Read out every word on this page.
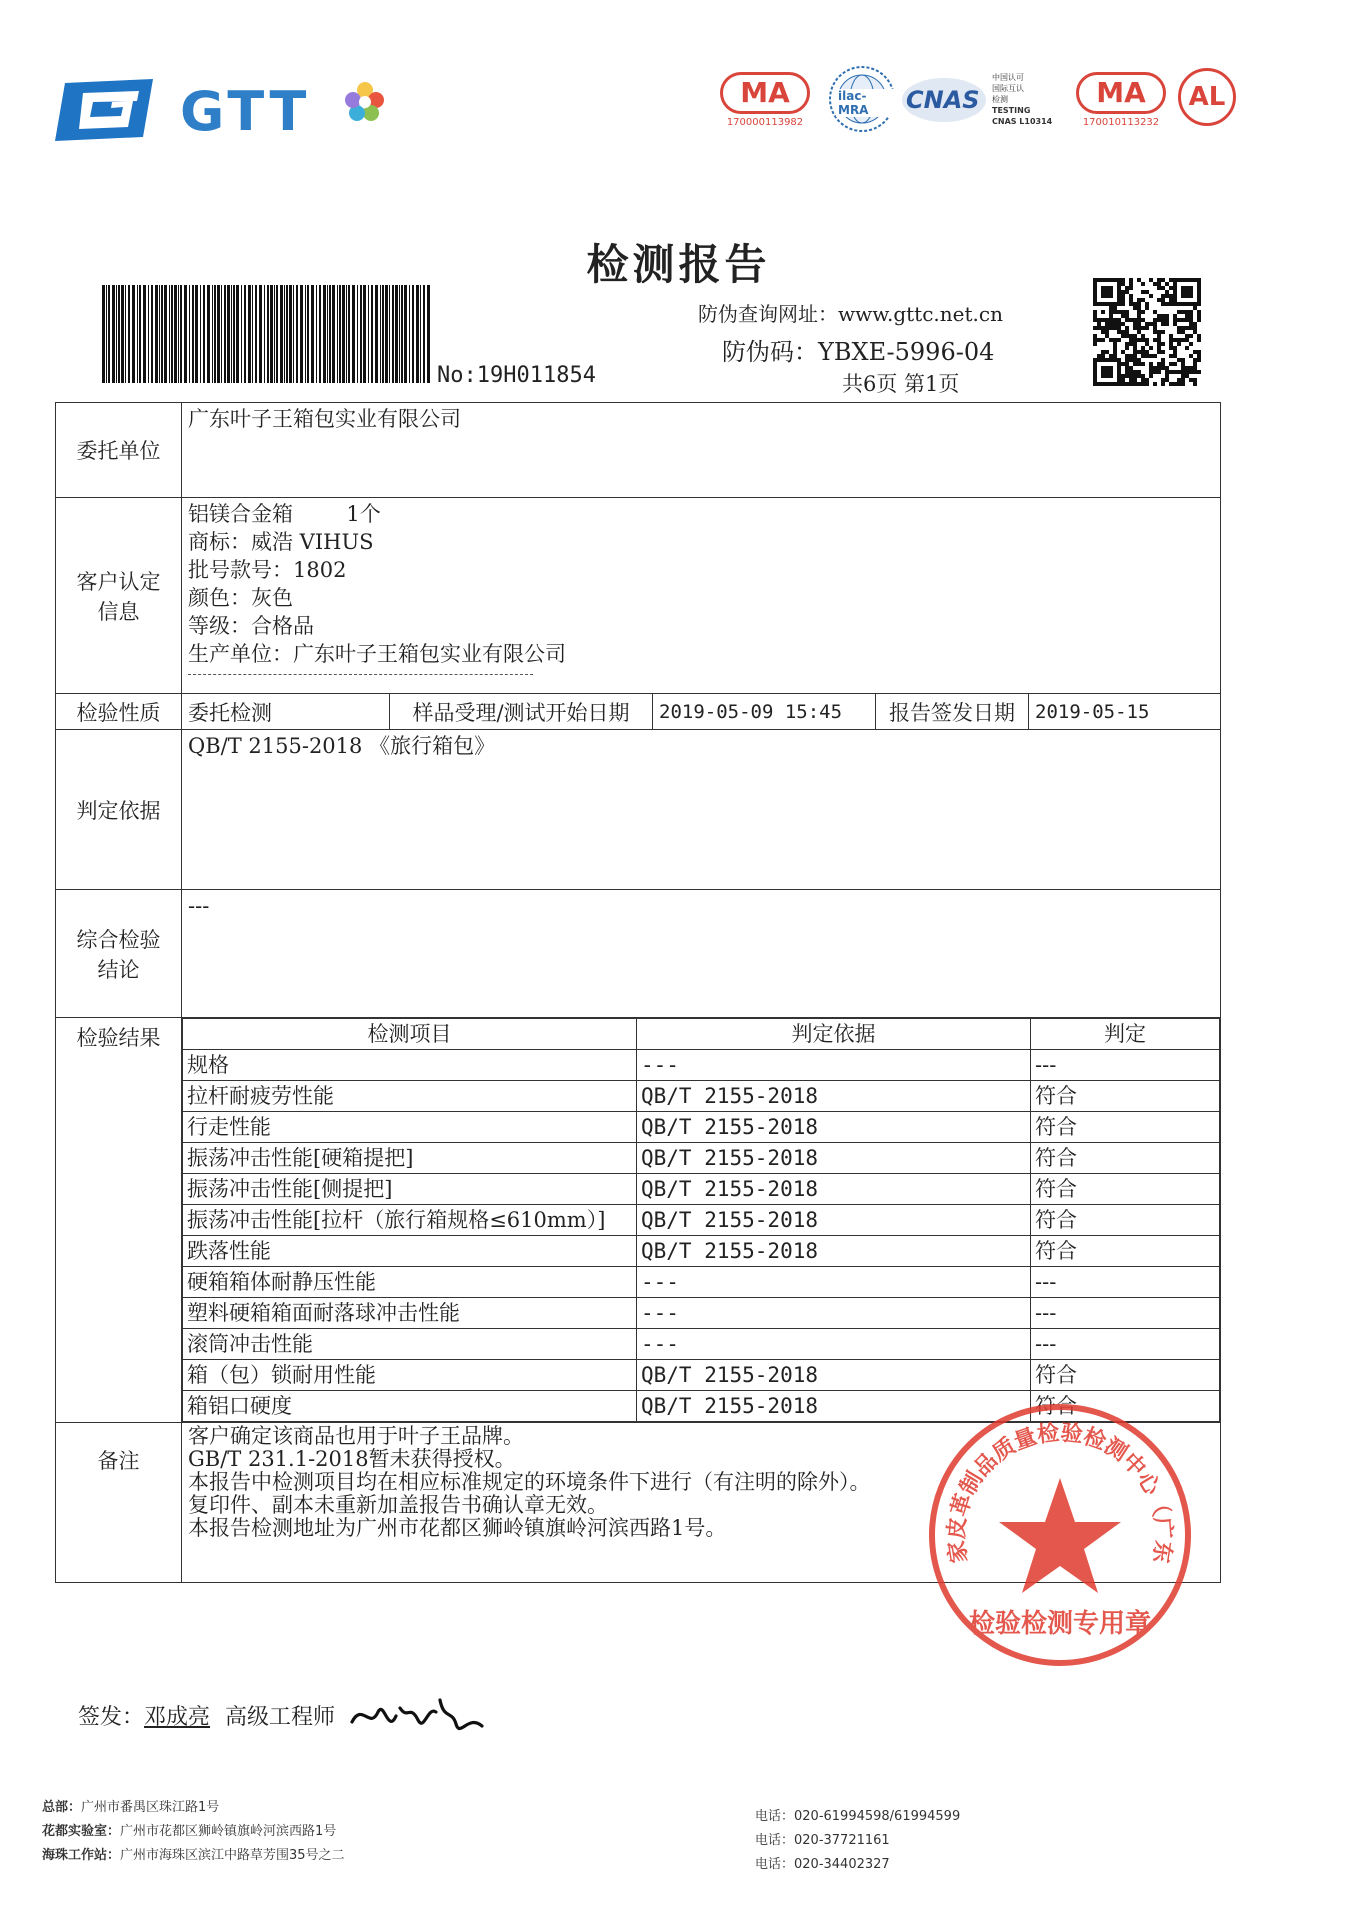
GTT	MA
170000113982
ilac-MRA	CNAS
中国认可
国际互认
检测
TESTING
CNAS L10314
MA
170010113232
AL
检测报告
No:19H011854
防伪查询网址：www.gttc.net.cn
防伪码：YBXE-5996-04
共6页 第1页
委托单位	
广东叶子王箱包实业有限公司

客户认定信息	
铝镁合金箱        1个
商标：威浩 VIHUS
批号款号：1802
颜色：灰色
等级：合格品
生产单位：广东叶子王箱包实业有限公司

检验性质	委托检测	样品受理/测试开始日期	2019-05-09 15:45	报告签发日期	2019-05-15
判定依据	
QB/T 2155-2018 《旅行箱包》

综合检验结论	
---

检验结果		检测项目	判定依据	判定
规格	---	---
拉杆耐疲劳性能	QB/T 2155-2018	符合
行走性能	QB/T 2155-2018	符合
振荡冲击性能[硬箱提把]	QB/T 2155-2018	符合
振荡冲击性能[侧提把]	QB/T 2155-2018	符合
振荡冲击性能[拉杆（旅行箱规格≤610mm）]	QB/T 2155-2018	符合
跌落性能	QB/T 2155-2018	符合
硬箱箱体耐静压性能	---	---
塑料硬箱箱面耐落球冲击性能	---	---
滚筒冲击性能	---	---
箱（包）锁耐用性能	QB/T 2155-2018	符合
箱铝口硬度	QB/T 2155-2018	符合

备注	
客户确定该商品也用于叶子王品牌。
GB/T 231.1-2018暂未获得授权。
本报告中检测项目均在相应标准规定的环境条件下进行（有注明的除外）。
复印件、副本未重新加盖报告书确认章无效。
本报告检测地址为广州市花都区狮岭镇旗岭河滨西路1号。
家皮革制品质量检验检测中心（广东
检验检测专用章
签发：邓成亮 高级工程师
总部：广州市番禺区珠江路1号
花都实验室：广州市花都区狮岭镇旗岭河滨西路1号
海珠工作站：广州市海珠区滨江中路草芳围35号之二
电话：020-61994598/61994599
电话：020-37721161
电话：020-34402327
